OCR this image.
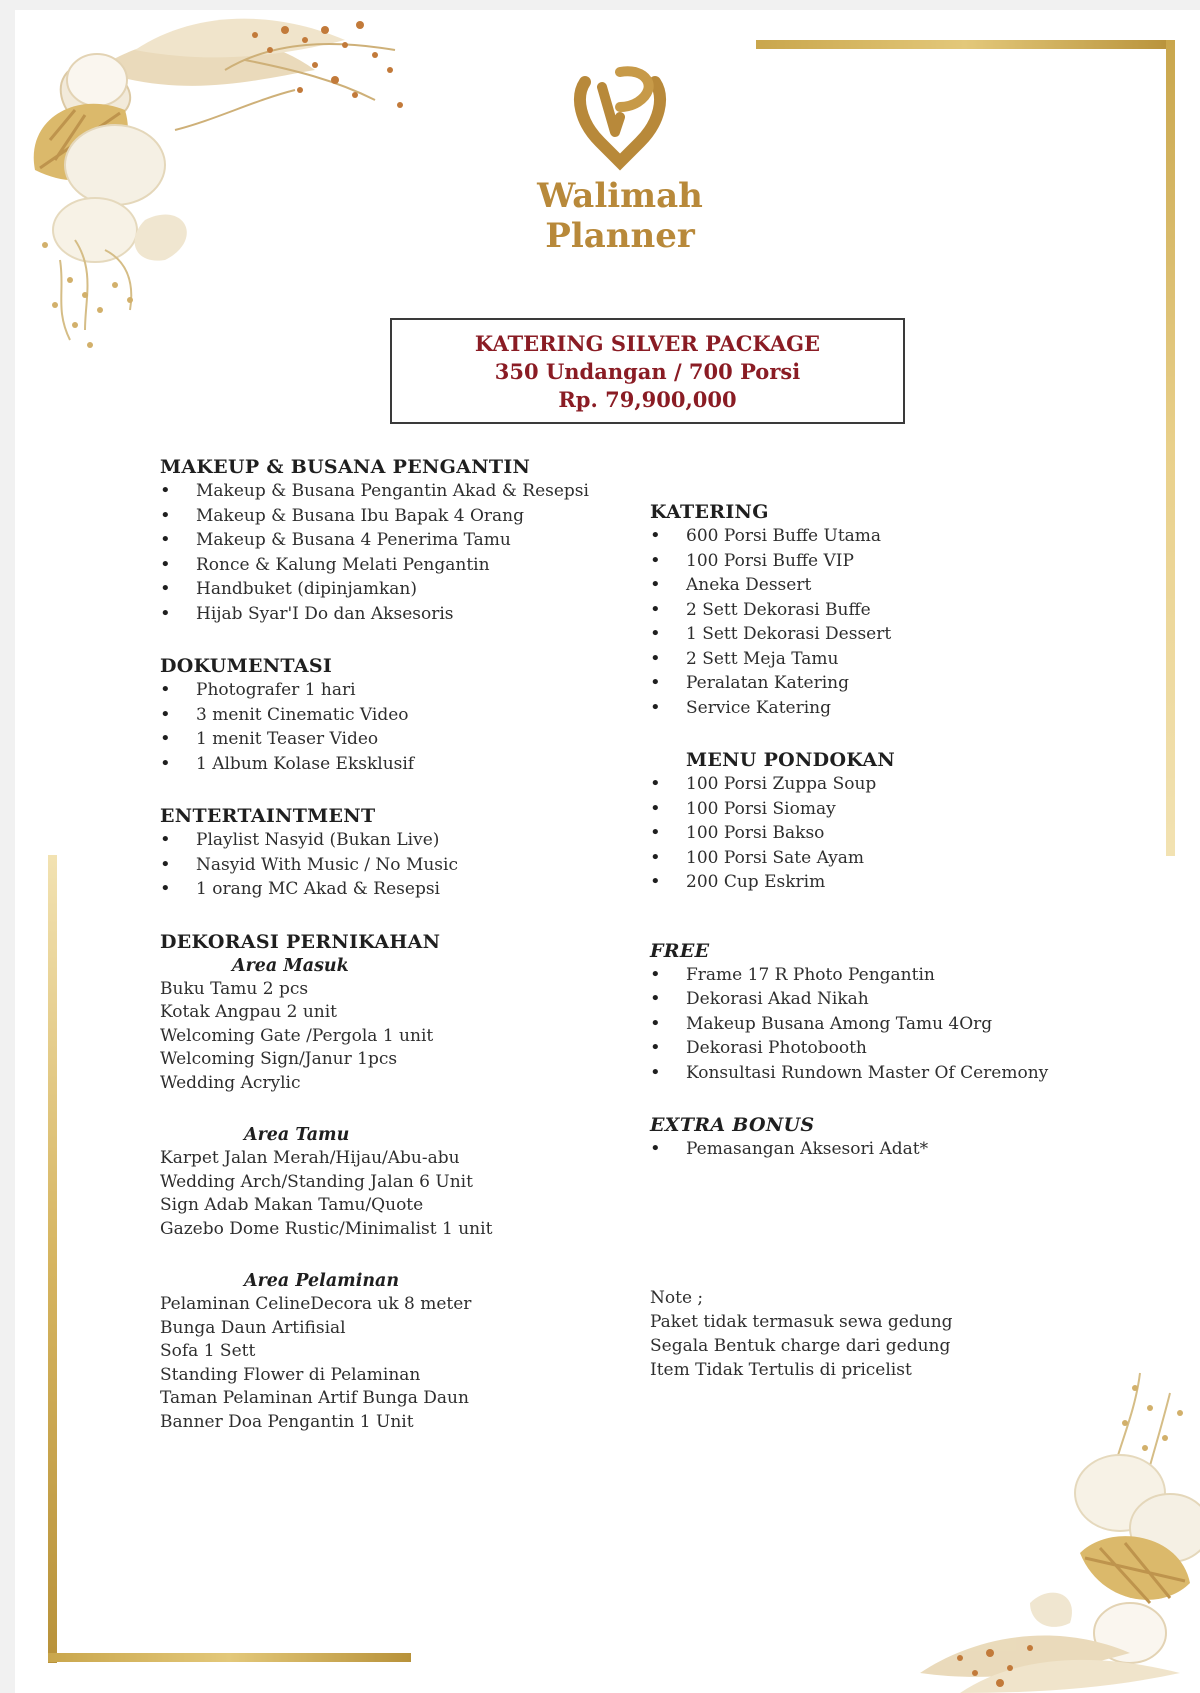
Walimah Planner
KATERING SILVER PACKAGE
350 Undangan / 700 Porsi
Rp. 79,900,000
MAKEUP & BUSANA PENGANTIN
• Makeup & Busana Pengantin Akad & Resepsi
• Makeup & Busana Ibu Bapak 4 Orang
• Makeup & Busana 4 Penerima Tamu
• Ronce & Kalung Melati Pengantin
• Handbuket (dipinjamkan)
• Hijab Syar'I Do dan Aksesoris
DOKUMENTASI
• Photografer 1 hari
• 3 menit Cinematic Video
• 1 menit Teaser Video
• 1 Album Kolase Eksklusif
ENTERTAINTMENT
• Playlist Nasyid (Bukan Live)
• Nasyid With Music / No Music
• 1 orang MC Akad & Resepsi
DEKORASI PERNIKAHAN
Area Masuk
Buku Tamu 2 pcs
Kotak Angpau 2 unit
Welcoming Gate /Pergola 1 unit
Welcoming Sign/Janur 1pcs
Wedding Acrylic
Area Tamu
Karpet Jalan Merah/Hijau/Abu-abu
Wedding Arch/Standing Jalan 6 Unit
Sign Adab Makan Tamu/Quote
Gazebo Dome Rustic/Minimalist 1 unit
Area Pelaminan
Pelaminan CelineDecora uk 8 meter
Bunga Daun Artifisial
Sofa 1 Sett
Standing Flower di Pelaminan
Taman Pelaminan Artif Bunga Daun
Banner Doa Pengantin 1 Unit
KATERING
• 600 Porsi Buffe Utama
• 100 Porsi Buffe VIP
• Aneka Dessert
• 2 Sett Dekorasi Buffe
• 1 Sett Dekorasi Dessert
• 2 Sett Meja Tamu
• Peralatan Katering
• Service Katering
MENU PONDOKAN
• 100 Porsi Zuppa Soup
• 100 Porsi Siomay
• 100 Porsi Bakso
• 100 Porsi Sate Ayam
• 200 Cup Eskrim
FREE
• Frame 17 R Photo Pengantin
• Dekorasi Akad Nikah
• Makeup Busana Among Tamu 4Org
• Dekorasi Photobooth
• Konsultasi Rundown Master Of Ceremony
EXTRA BONUS
• Pemasangan Aksesori Adat*
Note ;
Paket tidak termasuk sewa gedung
Segala Bentuk charge dari gedung
Item Tidak Tertulis di pricelist
